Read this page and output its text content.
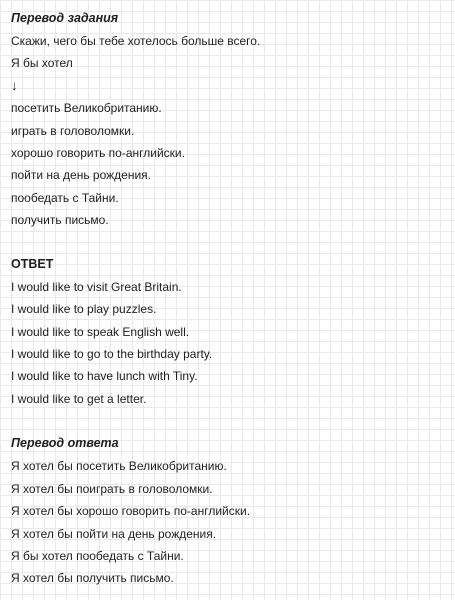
Перевод задания
Скажи, чего бы тебе хотелось больше всего.
Я бы хотел
↓
посетить Великобританию.
играть в головоломки.
хорошо говорить по-английски.
пойти на день рождения.
пообедать с Тайни.
получить письмо.
ОТВЕТ
I would like to visit Great Britain.
I would like to play puzzles.
I would like to speak English well.
I would like to go to the birthday party.
I would like to have lunch with Tiny.
I would like to get a letter.
Перевод ответа
Я хотел бы посетить Великобританию.
Я хотел бы поиграть в головоломки.
Я хотел бы хорошо говорить по-английски.
Я хотел бы пойти на день рождения.
Я бы хотел пообедать с Тайни.
Я хотел бы получить письмо.
